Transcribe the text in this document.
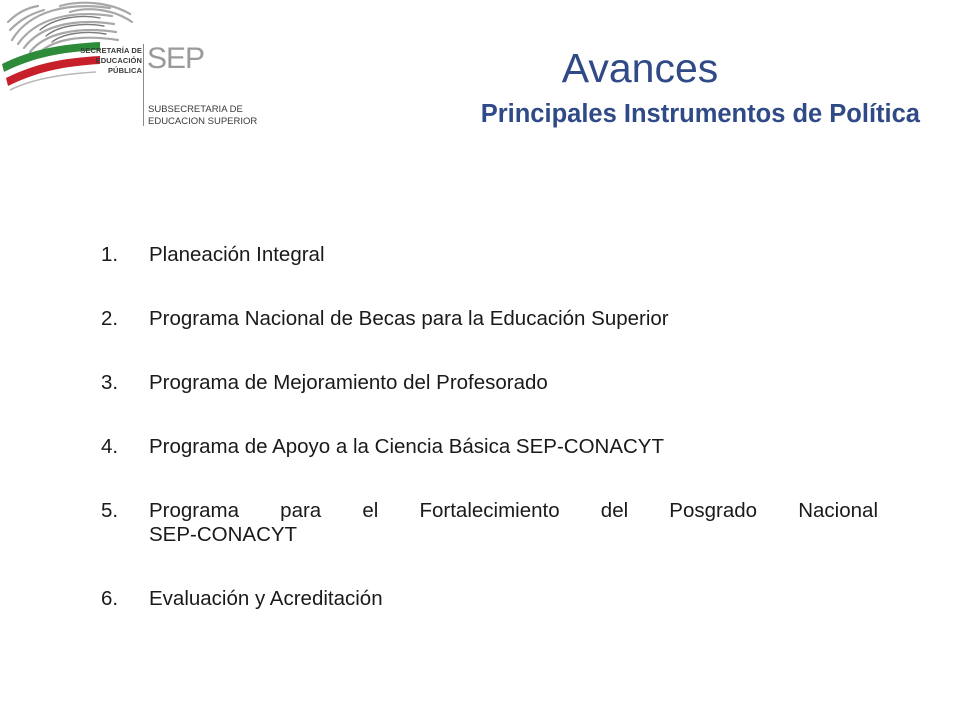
SECRETARÍA DE
EDUCACIÓN
PÚBLICA SEP
SUBSECRETARIA DE
EDUCACION SUPERIOR
Avances
Principales Instrumentos de Política
1. Planeación Integral
2. Programa Nacional de Becas para la Educación Superior
3. Programa de Mejoramiento del Profesorado
4. Programa de Apoyo a la Ciencia Básica SEP-CONACYT
5. Programa para el Fortalecimiento del Posgrado Nacional
SEP-CONACYT
6. Evaluación y Acreditación
